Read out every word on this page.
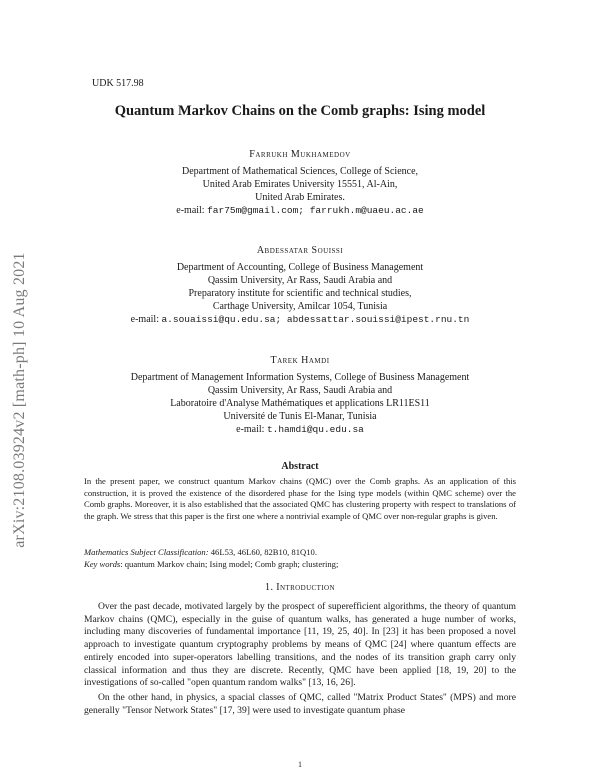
arXiv:2108.03924v2 [math-ph] 10 Aug 2021
UDK 517.98
Quantum Markov Chains on the Comb graphs: Ising model
Farrukh Mukhamedov
Department of Mathematical Sciences, College of Science,
United Arab Emirates University 15551, Al-Ain,
United Arab Emirates.
e-mail: far75m@gmail.com; farrukh.m@uaeu.ac.ae
Abdessatar Souissi
Department of Accounting, College of Business Management
Qassim University, Ar Rass, Saudi Arabia and
Preparatory institute for scientific and technical studies,
Carthage University, Amilcar 1054, Tunisia
e-mail: a.souaissi@qu.edu.sa; abdessattar.souissi@ipest.rnu.tn
Tarek Hamdi
Department of Management Information Systems, College of Business Management
Qassim University, Ar Rass, Saudi Arabia and
Laboratoire d'Analyse Mathématiques et applications LR11ES11
Université de Tunis El-Manar, Tunisia
e-mail: t.hamdi@qu.edu.sa
Abstract
In the present paper, we construct quantum Markov chains (QMC) over the Comb graphs. As an application of this construction, it is proved the existence of the disordered phase for the Ising type models (within QMC scheme) over the Comb graphs. Moreover, it is also established that the associated QMC has clustering property with respect to translations of the graph. We stress that this paper is the first one where a nontrivial example of QMC over non-regular graphs is given.
Mathematics Subject Classification: 46L53, 46L60, 82B10, 81Q10.
Key words: quantum Markov chain; Ising model; Comb graph; clustering;
1. Introduction

Over the past decade, motivated largely by the prospect of superefficient algorithms, the theory of quantum Markov chains (QMC), especially in the guise of quantum walks, has generated a huge number of works, including many discoveries of fundamental importance [11, 19, 25, 40]. In [23] it has been proposed a novel approach to investigate quantum cryptography problems by means of QMC [24] where quantum effects are entirely encoded into super-operators labelling transitions, and the nodes of its transition graph carry only classical information and thus they are discrete. Recently, QMC have been applied [18, 19, 20] to the investigations of so-called "open quantum random walks" [13, 16, 26].

On the other hand, in physics, a spacial classes of QMC, called "Matrix Product States" (MPS) and more generally "Tensor Network States" [17, 39] were used to investigate quantum phase

1
